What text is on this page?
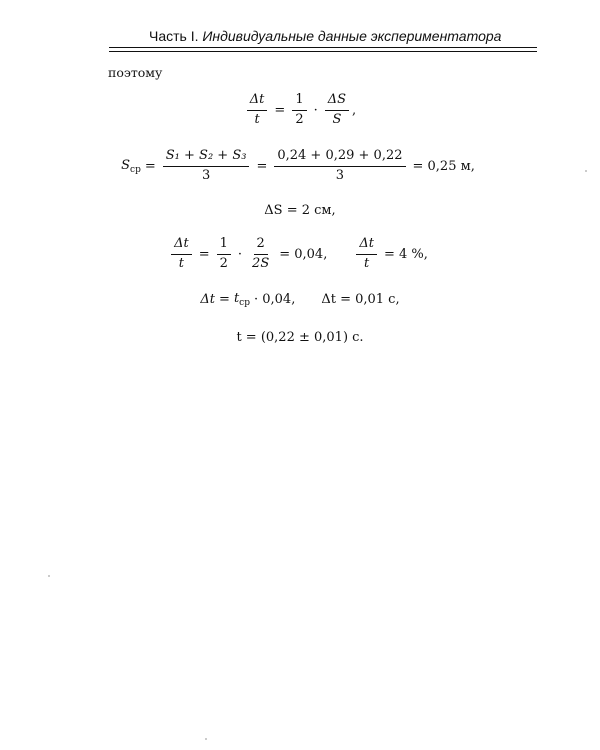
Часть I. Индивидуальные данные экспериментатора
поэтому
$\frac{\Delta t}{t} = \frac{1}{2} \cdot \frac{\Delta S}{S}$ ,
$S_{ср} = \frac{\text{S₁ + S₂ + S₃}}{3} = \frac{0,24 + 0,29 + 0,22}{3} = 0,25$ м,
ΔS = 2 см,
$\frac{\Delta t}{t} = \frac{1}{2} \cdot \frac{2}{2S} = 0,04$, $\frac{\Delta t}{t} = 4$ %,
$\Delta t = t_{ср} \cdot 0,04$, Δt = 0,01 с,
t = (0,22 ± 0,01) с.
